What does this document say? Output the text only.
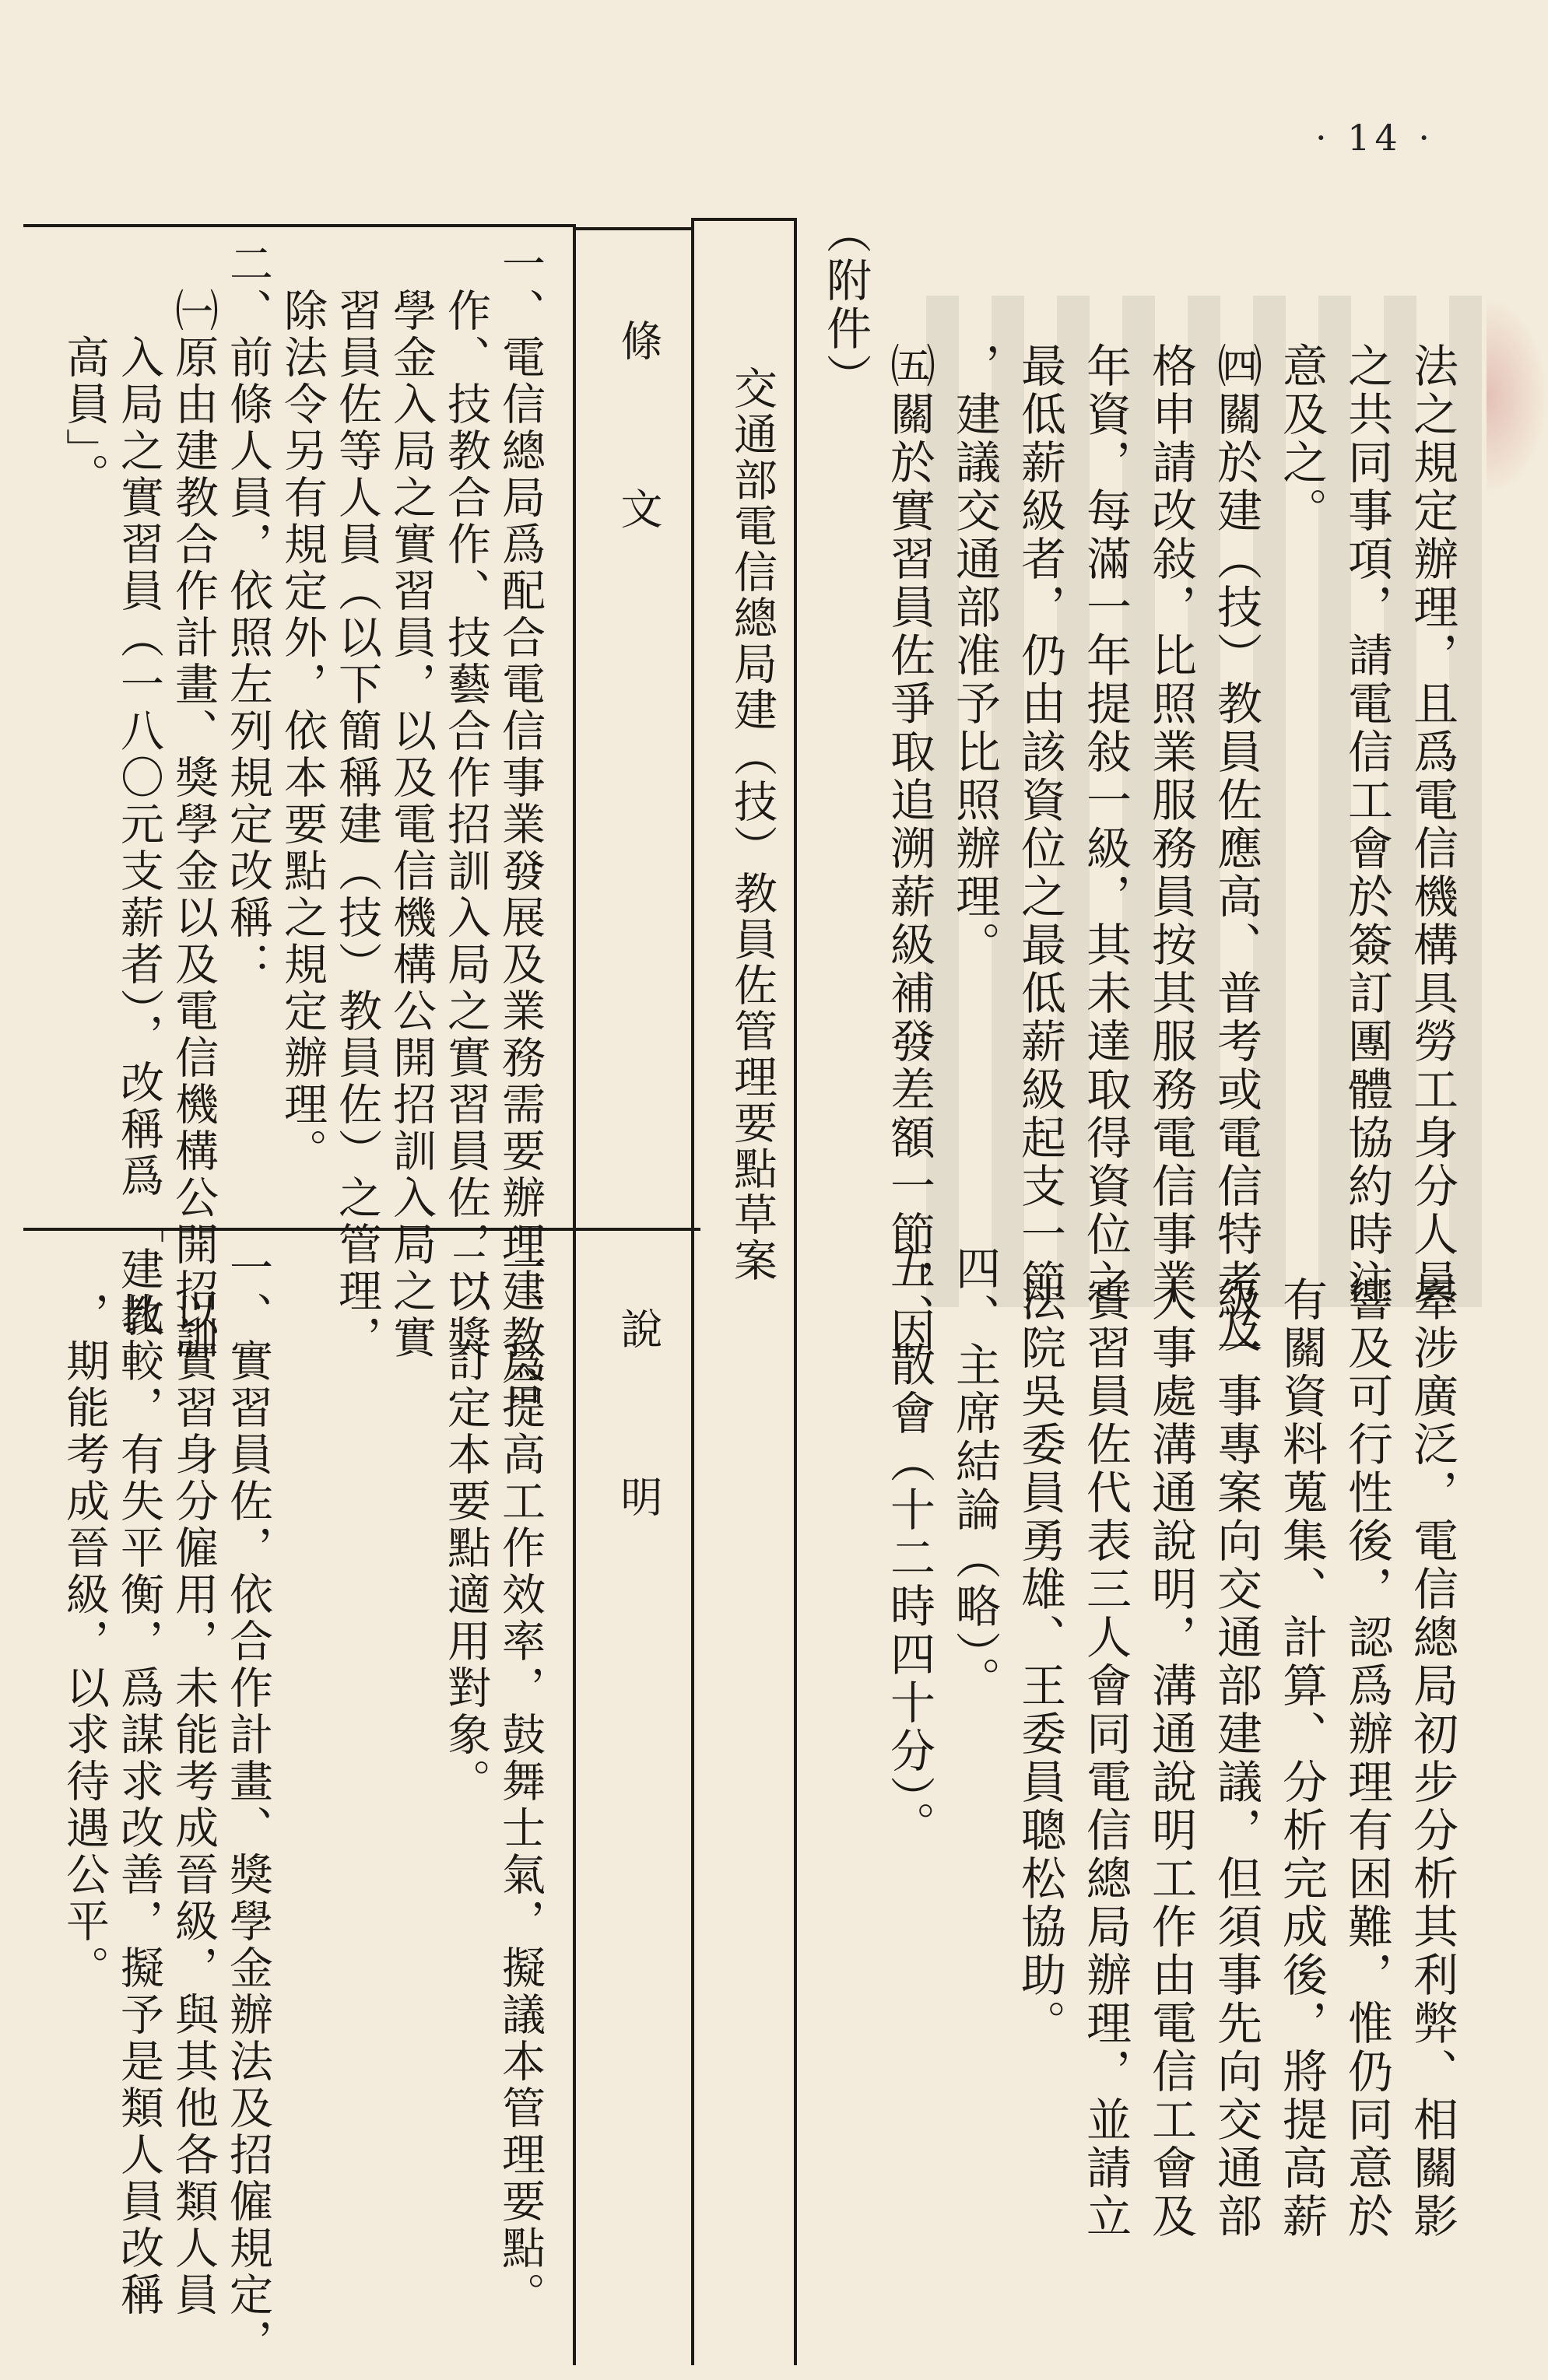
· 14 ·
法之規定辦理，且爲電信機構具勞工身分人員
之共同事項，請電信工會於簽訂團體協約時注
意及之。
㈣關於建（技）教員佐應高、普考或電信特考及
格申請改敍，比照業服務員按其服務電信事業
年資，每滿一年提敍一級，其未達取得資位之
最低薪級者，仍由該資位之最低薪級起支一節
，建議交通部准予比照辦理。
㈤關於實習員佐爭取追溯薪級補發差額一節，因
牽涉廣泛，電信總局初步分析其利弊、相關影
響及可行性後，認爲辦理有困難，惟仍同意於
有關資料蒐集、計算、分析完成後，將提高薪
級一事專案向交通部建議，但須事先向交通部
人事處溝通說明，溝通說明工作由電信工會及
實習員佐代表三人會同電信總局辦理，並請立
法院吳委員勇雄、王委員聰松協助。
四、主席結論（略）。
五、散會（十二時四十分）。
（附件）
交通部電信總局建（技）教員佐管理要點草案
條　　　文
說　　　明
一、電信總局爲配合電信事業發展及業務需要辦理建教合
　作、技教合作、技藝合作招訓入局之實習員佐，以獎
　學金入局之實習員，以及電信機構公開招訓入局之實
　習員佐等人員（以下簡稱建（技）教員佐）之管理，
　除法令另有規定外，依本要點之規定辦理。
二、前條人員，依照左列規定改稱：
　㈠原由建教合作計畫、獎學金以及電信機構公開招訓
　　入局之實習員（一八〇元支薪者），改稱爲「建教
　　高員」。
一、爲提高工作效率，鼓舞士氣，擬議本管理要點。
二、訂定本要點適用對象。
一、實習員佐，依合作計畫、獎學金辦法及招僱規定，
　以實習身分僱用，未能考成晉級，與其他各類人員
　比較，有失平衡，爲謀求改善，擬予是類人員改稱
　，期能考成晉級，以求待遇公平。
